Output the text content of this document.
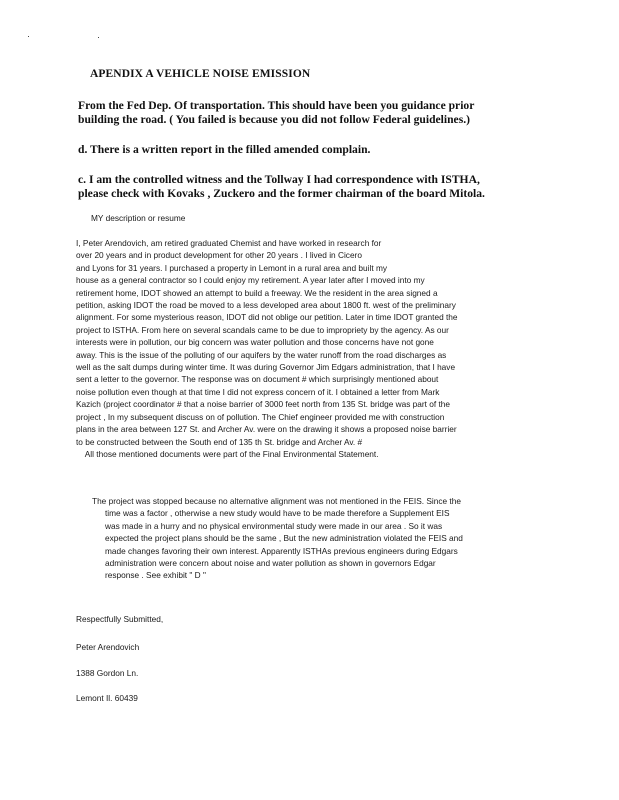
APENDIX A VEHICLE NOISE EMISSION
From the Fed Dep. Of transportation. This should have been you guidance prior
building the road. ( You failed is because you did not follow Federal guidelines.)
d. There is a written report in the filled amended complain.
c. I am the controlled witness and the Tollway I had correspondence with ISTHA,
please check with Kovaks , Zuckero and the former chairman of the board Mitola.
MY description or resume
I, Peter Arendovich, am retired graduated Chemist and have worked in research for
over 20 years and in product development for other 20 years . I lived in Cicero
and Lyons for 31 years. I purchased a property in Lemont in a rural area and built my
house as a general contractor so I could enjoy my retirement. A year later after I moved into my
retirement home, IDOT showed an attempt to build a freeway. We the resident in the area signed a
petition, asking IDOT the road be moved to a less developed area about 1800 ft. west of the preliminary
alignment. For some mysterious reason, IDOT did not oblige our petition. Later in time IDOT granted the
project to ISTHA. From here on several scandals came to be due to impropriety by the agency. As our
interests were in pollution, our big concern was water pollution and those concerns have not gone
away. This is the issue of the polluting of our aquifers by the water runoff from the road discharges as
well as the salt dumps during winter time. It was during Governor Jim Edgars administration, that I have
sent a letter to the governor. The response was on document # which surprisingly mentioned about
noise pollution even though at that time I did not express concern of it. I obtained a letter from Mark
Kazich (project coordinator # that a noise barrier of 3000 feet north from 135 St. bridge was part of the
project , In my subsequent discuss on of pollution. The Chief engineer provided me with construction
plans in the area between 127 St. and Archer Av. were on the drawing it shows a proposed noise barrier
to be constructed between the South end of 135 th St. bridge and Archer Av. #
All those mentioned documents were part of the Final Environmental Statement.
The project was stopped because no alternative alignment was not mentioned in the FEIS. Since the
time was a factor , otherwise a new study would have to be made therefore a Supplement EIS
was made in a hurry and no physical environmental study were made in our area . So it was
expected the project plans should be the same , But the new administration violated the FEIS and
made changes favoring their own interest. Apparently ISTHAs previous engineers during Edgars
administration were concern about noise and water pollution as shown in governors Edgar
response . See exhibit " D "
Respectfully Submitted,
Peter Arendovich
1388 Gordon Ln.
Lemont Il. 60439
